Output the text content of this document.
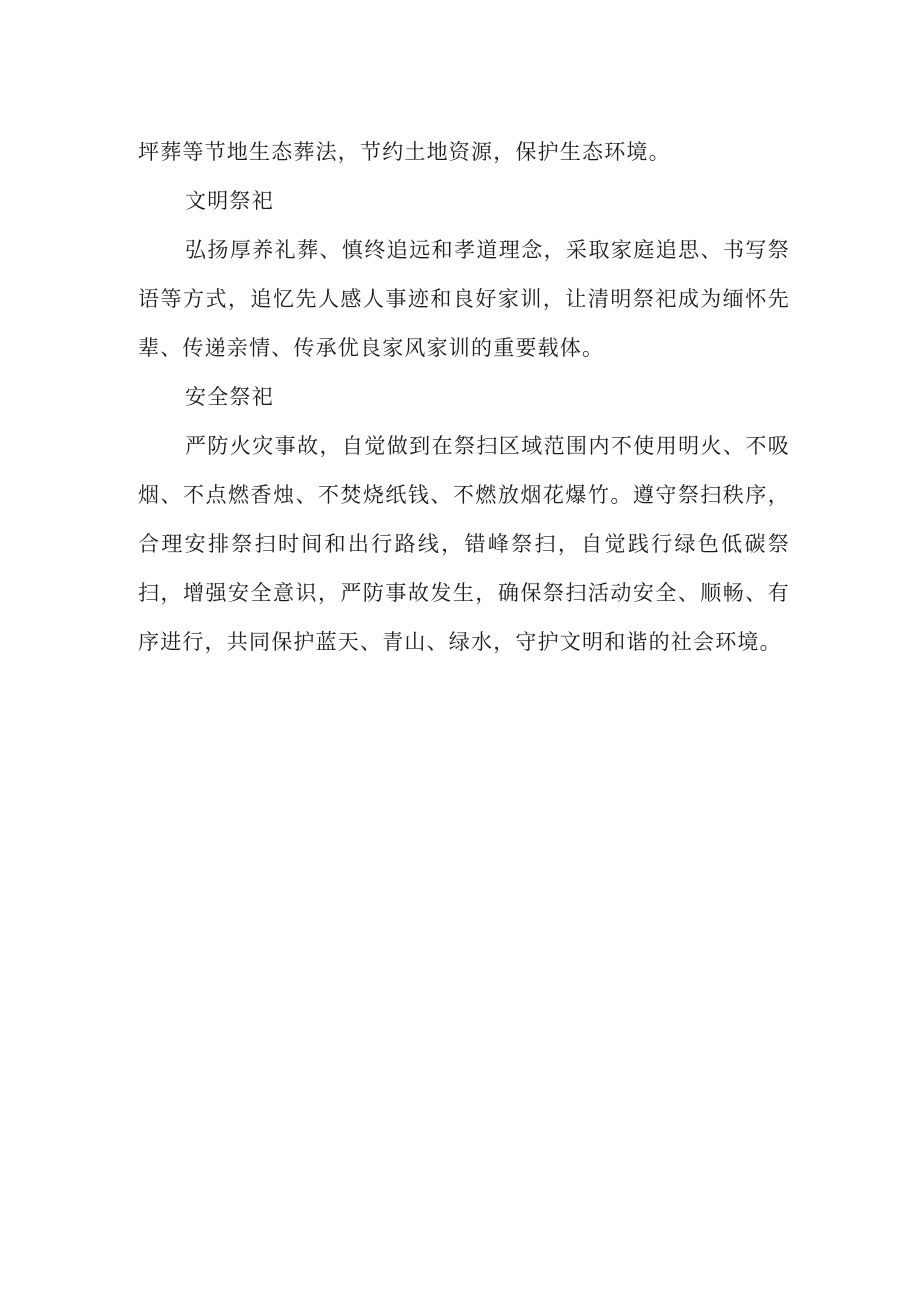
坪葬等节地生态葬法，节约土地资源，保护生态环境。

文明祭祀

弘扬厚养礼葬、慎终追远和孝道理念，采取家庭追思、书写祭语等方式，追忆先人感人事迹和良好家训，让清明祭祀成为缅怀先辈、传递亲情、传承优良家风家训的重要载体。

安全祭祀

严防火灾事故，自觉做到在祭扫区域范围内不使用明火、不吸烟、不点燃香烛、不焚烧纸钱、不燃放烟花爆竹。遵守祭扫秩序，合理安排祭扫时间和出行路线，错峰祭扫，自觉践行绿色低碳祭扫，增强安全意识，严防事故发生，确保祭扫活动安全、顺畅、有序进行，共同保护蓝天、青山、绿水，守护文明和谐的社会环境。
